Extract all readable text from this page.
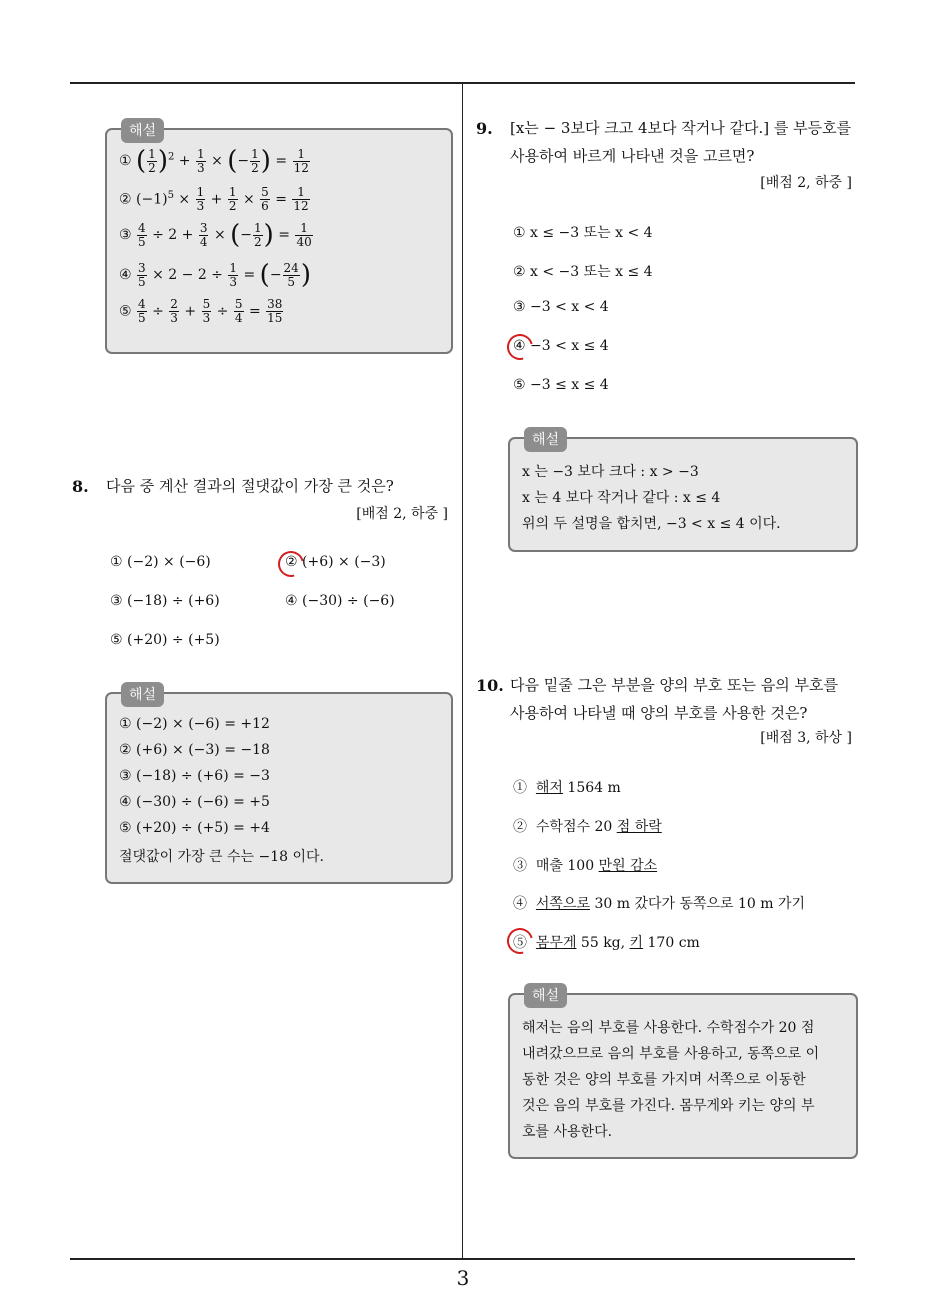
3
해설
① ( $\frac{1}{2} )^2 + \frac{1}{3}$ × (− $\frac{1}{2}$ ) = $\frac{1}{12}$
② $(-1)^5 \times \frac{1}{3} + \frac{1}{2} \times \frac{5}{6} = \frac{1}{12}$
③ $\frac{4}{5} \div 2 + \frac{3}{4}$ × (− $\frac{1}{2}$ ) = $\frac{1}{40}$
④ $\frac{3}{5} \times 2 - 2 \div \frac{1}{3}$ = (− $\frac{24}{5}$ )
⑤ $\frac{4}{5} \div \frac{2}{3} + \frac{5}{3} \div \frac{5}{4} = \frac{38}{15}$
8. 다음 중 계산 결과의 절댓값이 가장 큰 것은?
[배점 2, 하중 ]
① (−2) × (−6)	② (+6) × (−3)
③ (−18) ÷ (+6)	④ (−30) ÷ (−6)
⑤ (+20) ÷ (+5)
해설
① (−2) × (−6) = +12
② (+6) × (−3) = −18
③ (−18) ÷ (+6) = −3
④ (−30) ÷ (−6) = +5
⑤ (+20) ÷ (+5) = +4
절댓값이 가장 큰 수는 −18 이다.
9. [x는 − 3보다 크고 4보다 작거나 같다.] 를 부등호를
사용하여 바르게 나타낸 것을 고르면?
[배점 2, 하중 ]
① x ≤ −3 또는 x < 4
② x < −3 또는 x ≤ 4
③ −3 < x < 4
④ −3 < x ≤ 4
⑤ −3 ≤ x ≤ 4
해설
x 는 −3 보다 크다 : x > −3
x 는 4 보다 작거나 같다 : x ≤ 4
위의 두 설명을 합치면, −3 < x ≤ 4 이다.
10. 다음 밑줄 그은 부분을 양의 부호 또는 음의 부호를
사용하여 나타낼 때 양의 부호를 사용한 것은?
[배점 3, 하상 ]
① 해저 1564 m
② 수학점수 20 점 하락
③ 매출 100 만원 감소
④ 서쪽으로 30 m 갔다가 동쪽으로 10 m 가기
⑤ 몸무게 55 kg, 키 170 cm
해설
해저는 음의 부호를 사용한다. 수학점수가 20 점
내려갔으므로 음의 부호를 사용하고, 동쪽으로 이
동한 것은 양의 부호를 가지며 서쪽으로 이동한
것은 음의 부호를 가진다. 몸무게와 키는 양의 부
호를 사용한다.
